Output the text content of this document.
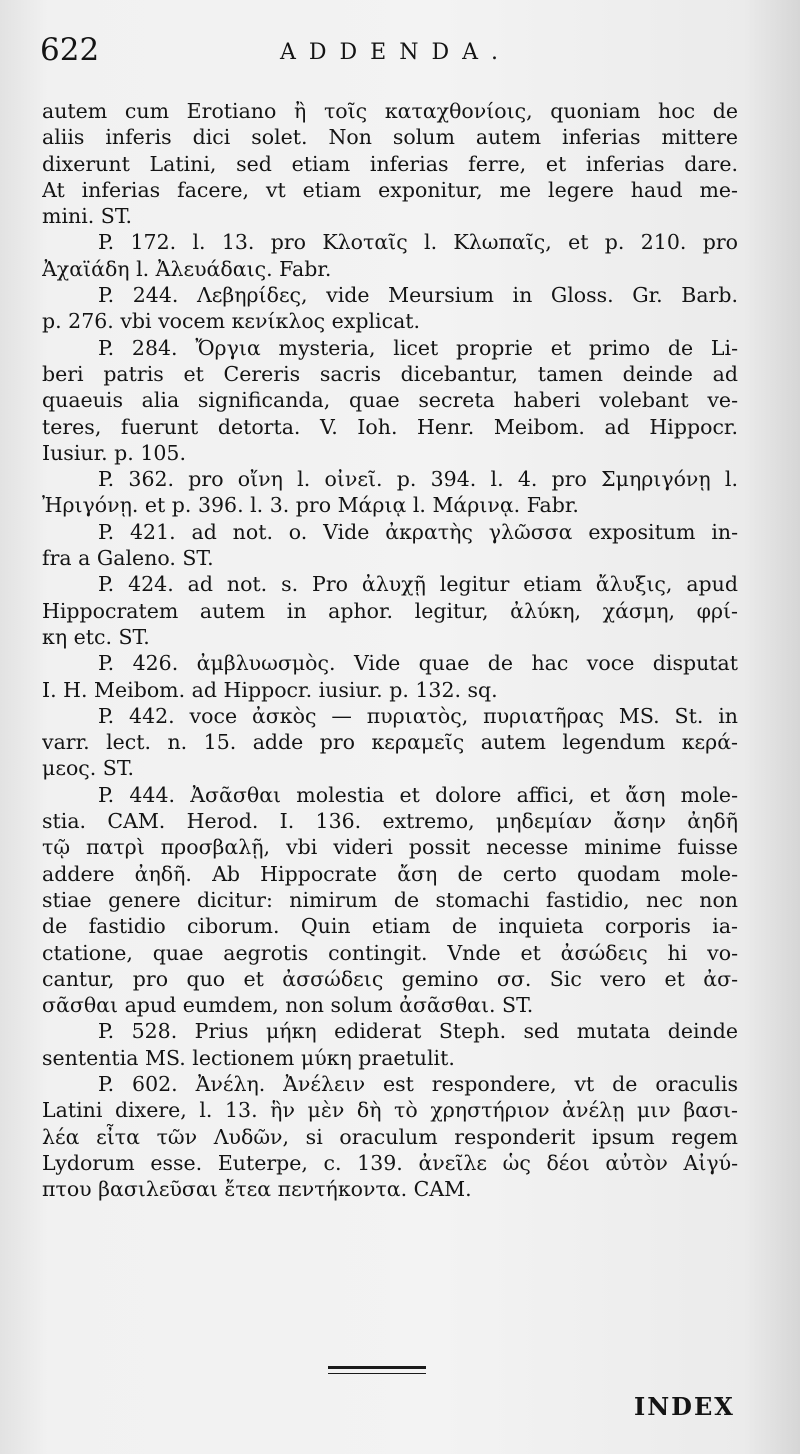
622	ADDENDA.
autem cum Erotiano ἢ τοῖς καταχθονίοις, quoniam hoc de
aliis inferis dici solet. Non solum autem inferias mittere
dixerunt Latini, sed etiam inferias ferre, et inferias dare.
At inferias facere, vt etiam exponitur, me legere haud me-
mini. ST.
P. 172. l. 13. pro Κλοταῖς l. Κλωπαῖς, et p. 210. pro
Ἀχαϊάδη l. Ἀλευάδαις. Fabr.
P. 244. Λεβηρίδες, vide Meursium in Gloss. Gr. Barb.
p. 276. vbi vocem κενίκλος explicat.
P. 284. Ὄργια mysteria, licet proprie et primo de Li-
beri patris et Cereris sacris dicebantur, tamen deinde ad
quaeuis alia significanda, quae secreta haberi volebant ve-
teres, fuerunt detorta. V. Ioh. Henr. Meibom. ad Hippocr.
Iusiur. p. 105.
P. 362. pro οἴνη l. οἰνεῖ. p. 394. l. 4. pro Σμηριγόνῃ l.
Ἠριγόνῃ. et p. 396. l. 3. pro Μάριᾳ l. Μάρινᾳ. Fabr.
P. 421. ad not. o. Vide ἀκρατὴς γλῶσσα expositum in-
fra a Galeno. ST.
P. 424. ad not. s. Pro ἀλυχῇ legitur etiam ἄλυξις, apud
Hippocratem autem in aphor. legitur, ἀλύκη, χάσμη, φρί-
κη etc. ST.
P. 426. ἀμβλυωσμὸς. Vide quae de hac voce disputat
I. H. Meibom. ad Hippocr. iusiur. p. 132. sq.
P. 442. voce ἀσκὸς — πυριατὸς, πυριατῆρας MS. St. in
varr. lect. n. 15. adde pro κεραμεῖς autem legendum κερά-
μεος. ST.
P. 444. Ἀσᾶσθαι molestia et dolore affici, et ἄση mole-
stia. CAM. Herod. I. 136. extremo, μηδεμίαν ἄσην ἀηδῆ
τῷ πατρὶ προσβαλῇ, vbi videri possit necesse minime fuisse
addere ἀηδῆ. Ab Hippocrate ἄση de certo quodam mole-
stiae genere dicitur: nimirum de stomachi fastidio, nec non
de fastidio ciborum. Quin etiam de inquieta corporis ia-
ctatione, quae aegrotis contingit. Vnde et ἀσώδεις hi vo-
cantur, pro quo et ἀσσώδεις gemino σσ. Sic vero et ἀσ-
σᾶσθαι apud eumdem, non solum ἀσᾶσθαι. ST.
P. 528. Prius μήκη ediderat Steph. sed mutata deinde
sententia MS. lectionem μύκη praetulit.
P. 602. Ἀνέλη. Ἀνέλειν est respondere, vt de oraculis
Latini dixere, l. 13. ἣν μὲν δὴ τὸ χρηστήριον ἀνέλῃ μιν βασι-
λέα εἶτα τῶν Λυδῶν, si oraculum responderit ipsum regem
Lydorum esse. Euterpe, c. 139. ἀνεῖλε ὡς δέοι αὐτὸν Αἰγύ-
πτου βασιλεῦσαι ἔτεα πεντήκοντα. CAM.
INDEX
